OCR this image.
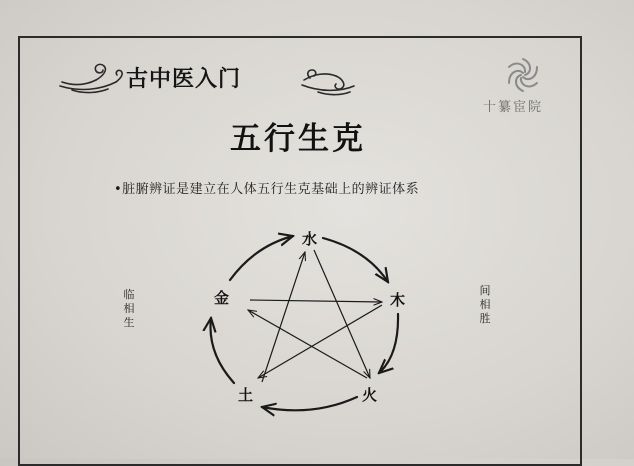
古中医入门
五行生克
十纂宦院
•脏腑辨证是建立在人体五行生克基础上的辨证体系
水
木
火
土
金
临相生
间相胜
